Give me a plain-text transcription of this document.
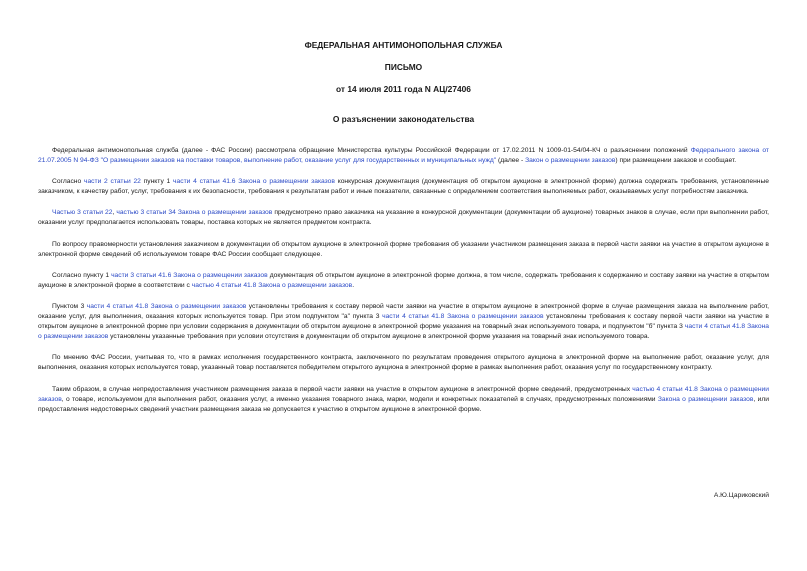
ФЕДЕРАЛЬНАЯ АНТИМОНОПОЛЬНАЯ СЛУЖБА
ПИСЬМО
от 14 июля 2011 года N АЦ/27406
О разъяснении законодательства

Федеральная антимонопольная служба (далее - ФАС России) рассмотрела обращение Министерства культуры Российской Федерации от 17.02.2011 N 1009-01-54/04-КЧ о разъяснении положений Федерального закона от 21.07.2005 N 94-ФЗ "О размещении заказов на поставки товаров, выполнение работ, оказание услуг для государственных и муниципальных нужд" (далее - Закон о размещении заказов) при размещении заказов и сообщает.

Согласно части 2 статьи 22 пункту 1 части 4 статьи 41.6 Закона о размещении заказов конкурсная документация (документация об открытом аукционе в электронной форме) должна содержать требования, установленные заказчиком, к качеству работ, услуг, требования к их безопасности, требования к результатам работ и иные показатели, связанные с определением соответствия выполняемых работ, оказываемых услуг потребностям заказчика.

Частью 3 статьи 22, частью 3 статьи 34 Закона о размещении заказов предусмотрено право заказчика на указание в конкурсной документации (документации об аукционе) товарных знаков в случае, если при выполнении работ, оказании услуг предполагается использовать товары, поставка которых не является предметом контракта.

По вопросу правомерности установления заказчиком в документации об открытом аукционе в электронной форме требования об указании участником размещения заказа в первой части заявки на участие в открытом аукционе в электронной форме сведений об используемом товаре ФАС России сообщает следующее.

Согласно пункту 1 части 3 статьи 41.6 Закона о размещении заказов документация об открытом аукционе в электронной форме должна, в том числе, содержать требования к содержанию и составу заявки на участие в открытом аукционе в электронной форме в соответствии с частью 4 статьи 41.8 Закона о размещении заказов.

Пунктом 3 части 4 статьи 41.8 Закона о размещении заказов установлены требования к составу первой части заявки на участие в открытом аукционе в электронной форме в случае размещения заказа на выполнение работ, оказание услуг, для выполнения, оказания которых используется товар. При этом подпунктом "а" пункта 3 части 4 статьи 41.8 Закона о размещении заказов установлены требования к составу первой части заявки на участие в открытом аукционе в электронной форме при условии содержания в документации об открытом аукционе в электронной форме указания на товарный знак используемого товара, и подпунктом "б" пункта 3 части 4 статьи 41.8 Закона о размещении заказов установлены указанные требования при условии отсутствия в документации об открытом аукционе в электронной форме указания на товарный знак используемого товара.

По мнению ФАС России, учитывая то, что в рамках исполнения государственного контракта, заключенного по результатам проведения открытого аукциона в электронной форме на выполнение работ, оказание услуг, для выполнения, оказания которых используется товар, указанный товар поставляется победителем открытого аукциона в электронной форме в рамках выполнения работ, оказания услуг по государственному контракту.

Таким образом, в случае непредоставления участником размещения заказа в первой части заявки на участие в открытом аукционе в электронной форме сведений, предусмотренных частью 4 статьи 41.8 Закона о размещении заказов, о товаре, используемом для выполнения работ, оказания услуг, а именно указания товарного знака, марки, модели и конкретных показателей в случаях, предусмотренных положениями Закона о размещении заказов, или предоставления недостоверных сведений участник размещения заказа не допускается к участию в открытом аукционе в электронной форме.

А.Ю.Цариковский
